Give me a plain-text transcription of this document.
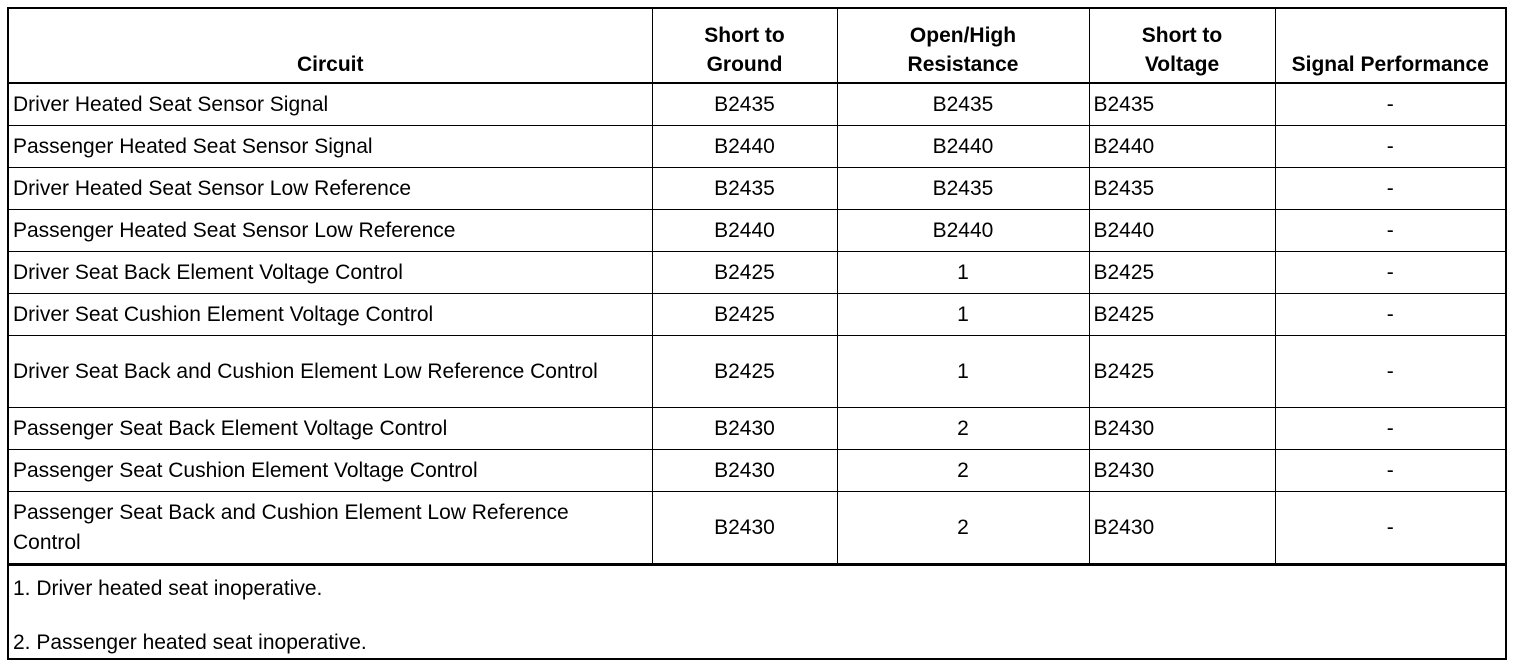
Circuit	Short to Ground	Open/High Resistance	Short to Voltage	Signal Performance
Driver Heated Seat Sensor Signal	B2435	B2435	B2435	-
Passenger Heated Seat Sensor Signal	B2440	B2440	B2440	-
Driver Heated Seat Sensor Low Reference	B2435	B2435	B2435	-
Passenger Heated Seat Sensor Low Reference	B2440	B2440	B2440	-
Driver Seat Back Element Voltage Control	B2425	1	B2425	-
Driver Seat Cushion Element Voltage Control	B2425	1	B2425	-
Driver Seat Back and Cushion Element Low Reference Control	B2425	1	B2425	-
Passenger Seat Back Element Voltage Control	B2430	2	B2430	-
Passenger Seat Cushion Element Voltage Control	B2430	2	B2430	-
Passenger Seat Back and Cushion Element Low Reference Control	B2430	2	B2430	-
1. Driver heated seat inoperative.
2. Passenger heated seat inoperative.
